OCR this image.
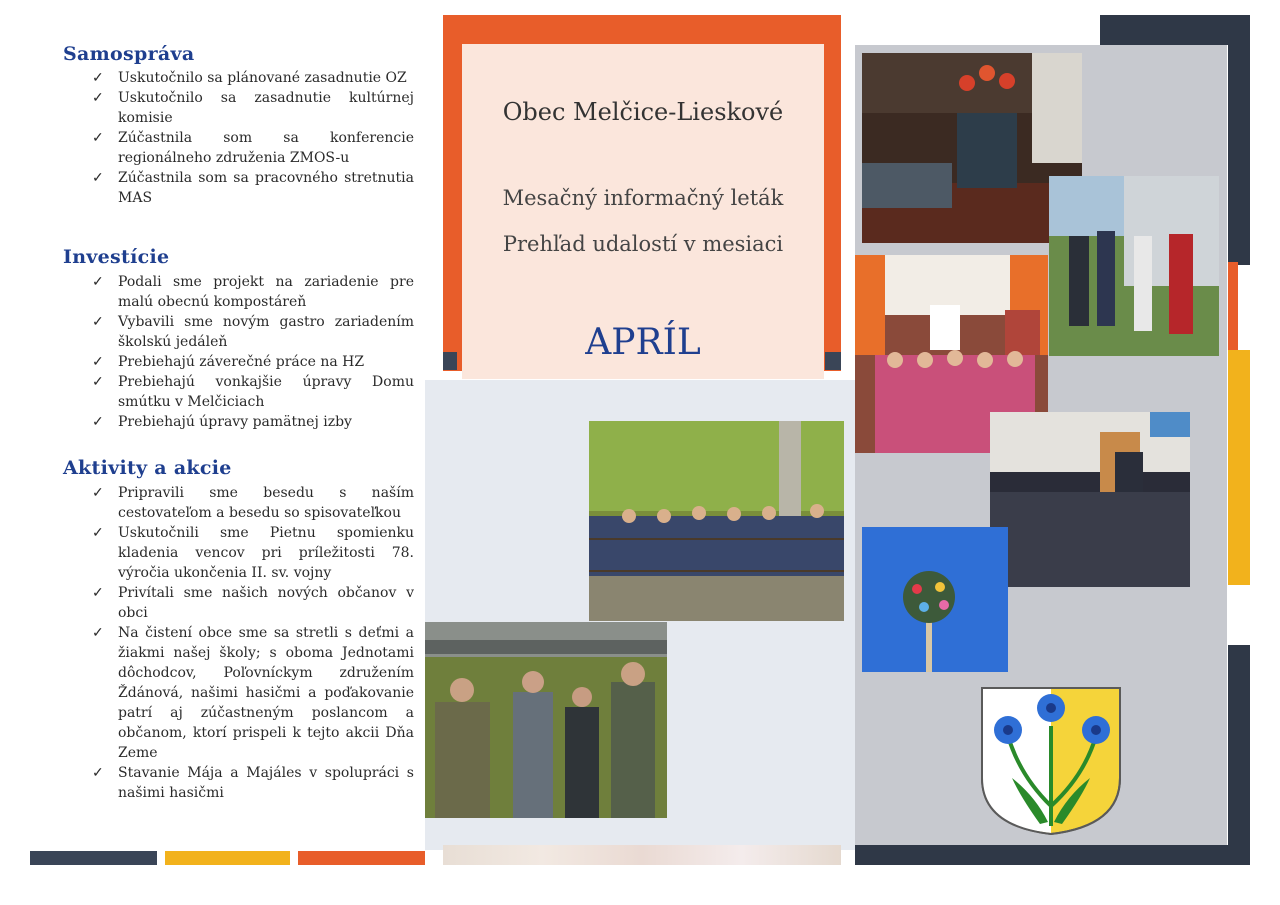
Samospráva
✓	Uskutočnilo sa plánované zasadnutie OZ
✓	Uskutočnilo sa zasadnutie kultúrnej komisie
✓	Zúčastnila som sa konferencie regionálneho združenia ZMOS-u
✓	Zúčastnila som sa pracovného stretnutia MAS
Investície
✓	Podali sme projekt na zariadenie pre malú obecnú kompostáreň
✓	Vybavili sme novým gastro zariadením školskú jedáleň
✓	Prebiehajú záverečné práce na HZ
✓	Prebiehajú vonkajšie úpravy Domu smútku v Melčiciach
✓	Prebiehajú úpravy pamätnej izby
Aktivity a akcie
✓	Pripravili sme besedu s naším cestovateľom a besedu so spisovateľkou
✓	Uskutočnili sme Pietnu spomienku kladenia vencov pri príležitosti 78. výročia ukončenia II. sv. vojny
✓	Privítali sme našich nových občanov v obci
✓	Na čistení obce sme sa stretli s deťmi a žiakmi našej školy; s oboma Jednotami dôchodcov, Poľovníckym združením Ždánová, našimi hasičmi a poďakovanie patrí aj zúčastneným poslancom a občanom, ktorí prispeli k tejto akcii Dňa Zeme
✓	Stavanie Mája a Majáles v spolupráci s našimi hasičmi
Obec Melčice-Lieskové
Mesačný informačný leták
Prehľad udalostí v mesiaci
APRÍL
